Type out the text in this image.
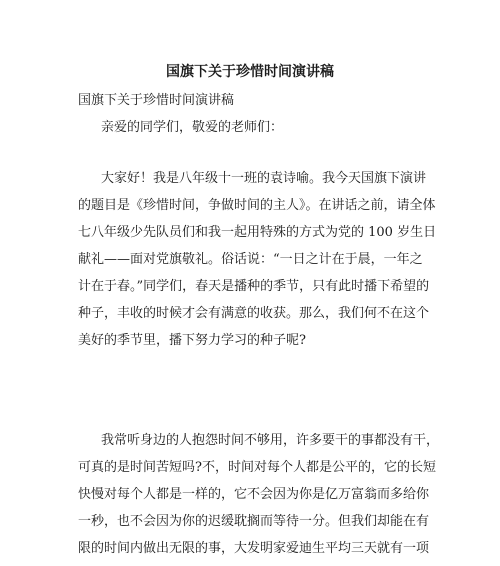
国旗下关于珍惜时间演讲稿
国旗下关于珍惜时间演讲稿
亲爱的同学们，敬爱的老师们：
大家好！我是八年级十一班的袁诗喻。我今天国旗下演讲
的题目是《珍惜时间，争做时间的主人》。在讲话之前，请全体
七八年级少先队员们和我一起用特殊的方式为党的 100 岁生日
献礼——面对党旗敬礼。俗话说：“一日之计在于晨，一年之
计在于春。”同学们，春天是播种的季节，只有此时播下希望的
种子，丰收的时候才会有满意的收获。那么，我们何不在这个
美好的季节里，播下努力学习的种子呢?
我常听身边的人抱怨时间不够用，许多要干的事都没有干，
可真的是时间苦短吗?不，时间对每个人都是公平的，它的长短
快慢对每个人都是一样的，它不会因为你是亿万富翁而多给你
一秒，也不会因为你的迟缓耽搁而等待一分。但我们却能在有
限的时间内做出无限的事，大发明家爱迪生平均三天就有一项
